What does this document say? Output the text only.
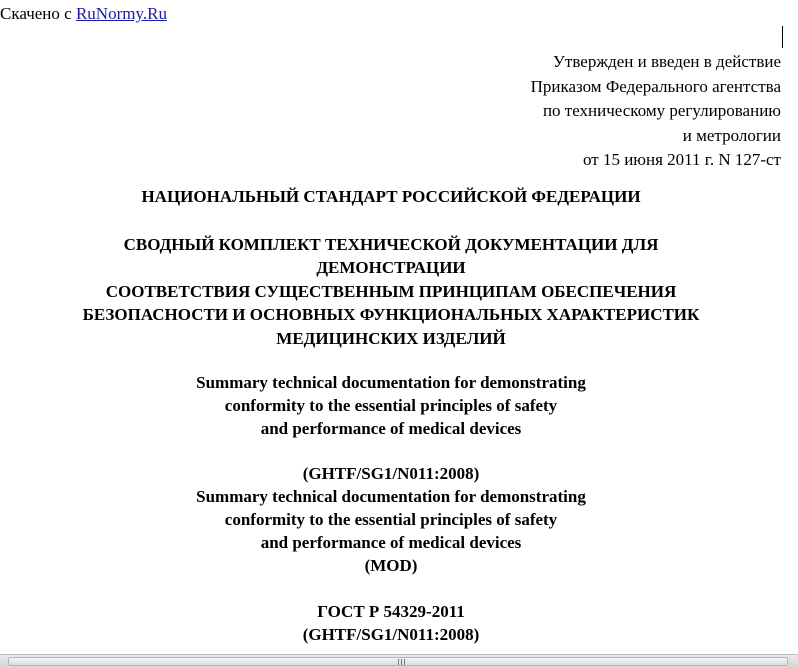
Скачено с RuNormy.Ru
Утвержден и введен в действие
Приказом Федерального агентства
по техническому регулированию
и метрологии
от 15 июня 2011 г. N 127-ст
НАЦИОНАЛЬНЫЙ СТАНДАРТ РОССИЙСКОЙ ФЕДЕРАЦИИ
СВОДНЫЙ КОМПЛЕКТ ТЕХНИЧЕСКОЙ ДОКУМЕНТАЦИИ ДЛЯ
ДЕМОНСТРАЦИИ
СООТВЕТСТВИЯ СУЩЕСТВЕННЫМ ПРИНЦИПАМ ОБЕСПЕЧЕНИЯ
БЕЗОПАСНОСТИ И ОСНОВНЫХ ФУНКЦИОНАЛЬНЫХ ХАРАКТЕРИСТИК
МЕДИЦИНСКИХ ИЗДЕЛИЙ
Summary technical documentation for demonstrating
conformity to the essential principles of safety
and performance of medical devices
(GHTF/SG1/N011:2008)
Summary technical documentation for demonstrating
conformity to the essential principles of safety
and performance of medical devices
(MOD)
ГОСТ Р 54329-2011
(GHTF/SG1/N011:2008)
